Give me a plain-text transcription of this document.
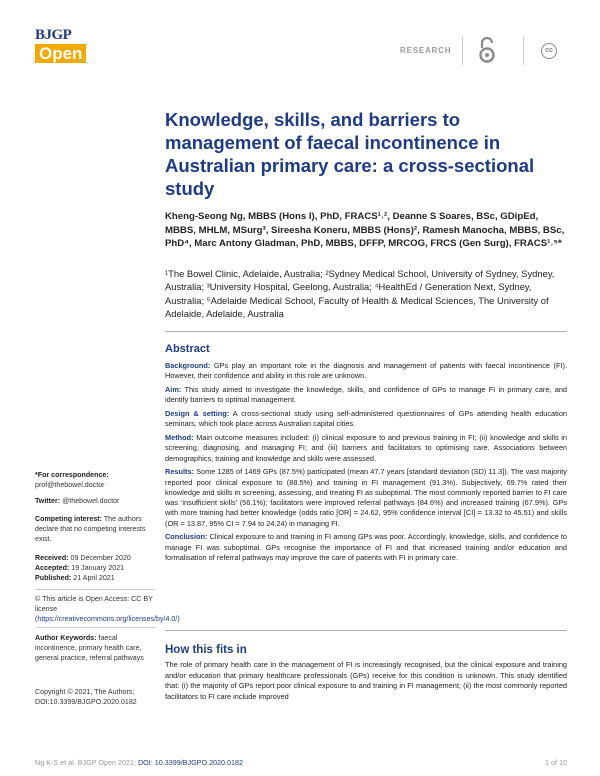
BJGP
Open	RESEARCH	cc
Knowledge, skills, and barriers to management of faecal incontinence in Australian primary care: a cross-sectional study
Kheng-Seong Ng, MBBS (Hons I), PhD, FRACS¹˒², Deanne S Soares, BSc, GDipEd, MBBS, MHLM, MSurg³, Sireesha Koneru, MBBS (Hons)², Ramesh Manocha, MBBS, BSc, PhD⁴, Marc Antony Gladman, PhD, MBBS, DFFP, MRCOG, FRCS (Gen Surg), FRACS¹˒⁵*
¹The Bowel Clinic, Adelaide, Australia; ²Sydney Medical School, University of Sydney, Sydney, Australia; ³University Hospital, Geelong, Australia; ⁴HealthEd / Generation Next, Sydney, Australia; ⁵Adelaide Medical School, Faculty of Health & Medical Sciences, The University of Adelaide, Adelaide, Australia
Abstract

Background: GPs play an important role in the diagnosis and management of patients with faecal incontinence (FI). However, their confidence and ability in this role are unknown.

Aim: This study aimed to investigate the knowledge, skills, and confidence of GPs to manage FI in primary care, and identify barriers to optimal management.

Design & setting: A cross-sectional study using self-administered questionnaires of GPs attending health education seminars, which took place across Australian capital cities.

Method: Main outcome measures included: (i) clinical exposure to and previous training in FI; (ii) knowledge and skills in screening, diagnosing, and managing FI; and (iii) barriers and facilitators to optimising care. Associations between demographics, training and knowledge and skills were assessed.

Results: Some 1285 of 1469 GPs (87.5%) participated (mean 47.7 years [standard deviation (SD) 11.3]). The vast majority reported poor clinical exposure to (88.5%) and training in FI management (91.3%). Subjectively, 69.7% rated their knowledge and skills in screening, assessing, and treating FI as suboptimal. The most commonly reported barrier to FI care was ‘insufficient skills’ (56.1%); facilitators were improved referral pathways (84.6%) and increased training (67.9%). GPs with more training had better knowledge (odds ratio [OR] = 24.62, 95% confidence interval [CI] = 13.32 to 45.51) and skills (OR = 13.87, 95% CI = 7.94 to 24.24) in managing FI.

Conclusion: Clinical exposure to and training in FI among GPs was poor. Accordingly, knowledge, skills, and confidence to manage FI was suboptimal. GPs recognise the importance of FI and that increased training and/or education and formalisation of referral pathways may improve the care of patients with FI in primary care.

*For correspondence: prof@thebowel.doctor
Twitter: @thebowel.doctor
Competing interest: The authors declare that no competing interests exist.
Received: 09 December 2020
Accepted: 19 January 2021
Published: 21 April 2021
© This article is Open Access: CC BY license (https://creativecommons.org/licenses/by/4.0/)
Author Keywords: faecal incontinence, primary health care, general practice, referral pathways
Copyright © 2021, The Authors;
DOI:10.3399/BJGPO.2020.0182
How this fits in
The role of primary health care in the management of FI is increasingly recognised, but the clinical exposure and training and/or education that primary healthcare professionals (GPs) receive for this condition is unknown. This study identified that: (i) the majority of GPs report poor clinical exposure to and training in FI management; (ii) the most commonly reported facilitators to FI care include improved
Ng K-S et al. BJGP Open 2021; DOI: 10.3399/BJGPO.2020.0182	1 of 10
